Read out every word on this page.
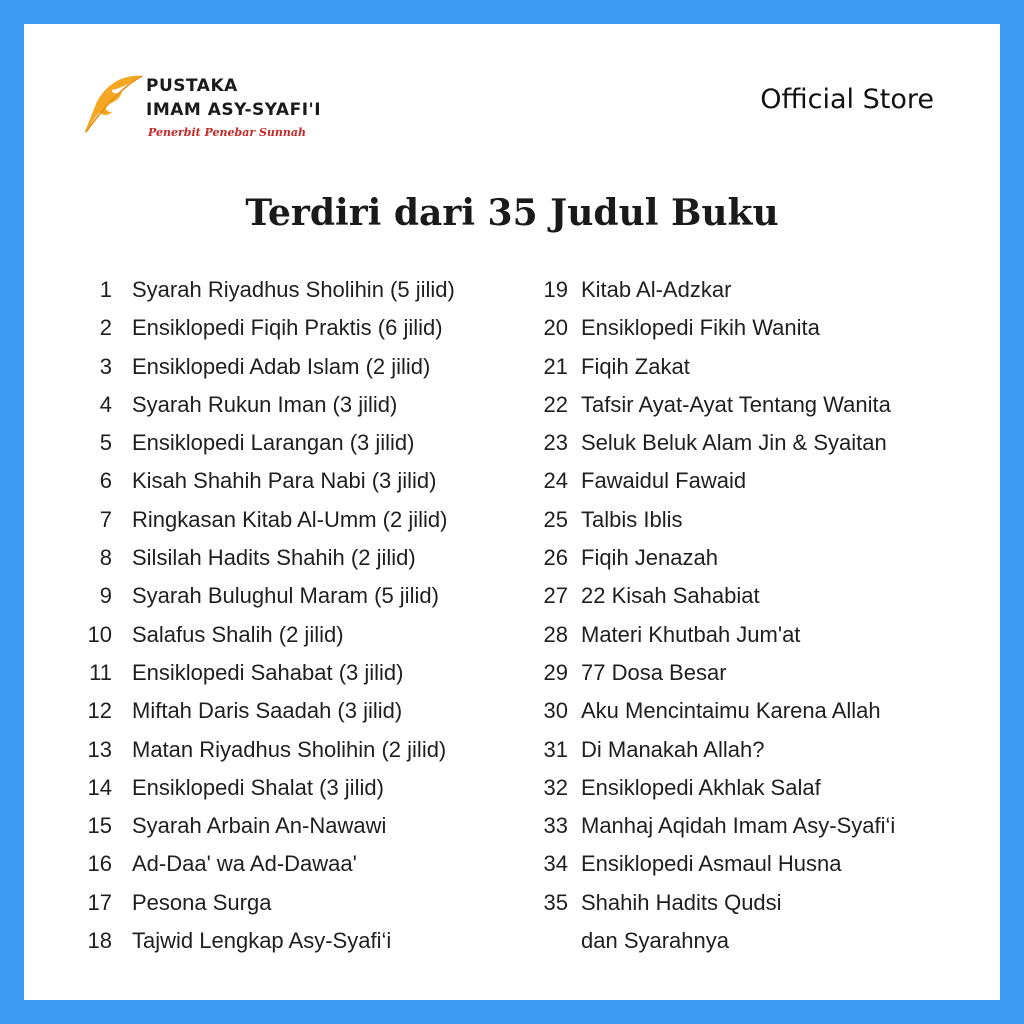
PUSTAKA
IMAM ASY-SYAFI'I
Penerbit Penebar Sunnah
Official Store
Terdiri dari 35 Judul Buku
1 Syarah Riyadhus Sholihin (5 jilid)
2 Ensiklopedi Fiqih Praktis (6 jilid)
3 Ensiklopedi Adab Islam (2 jilid)
4 Syarah Rukun Iman (3 jilid)
5 Ensiklopedi Larangan (3 jilid)
6 Kisah Shahih Para Nabi (3 jilid)
7 Ringkasan Kitab Al-Umm (2 jilid)
8 Silsilah Hadits Shahih (2 jilid)
9 Syarah Bulughul Maram (5 jilid)
10 Salafus Shalih (2 jilid)
11 Ensiklopedi Sahabat (3 jilid)
12 Miftah Daris Saadah (3 jilid)
13 Matan Riyadhus Sholihin (2 jilid)
14 Ensiklopedi Shalat (3 jilid)
15 Syarah Arbain An-Nawawi
16 Ad-Daa' wa Ad-Dawaa'
17 Pesona Surga
18 Tajwid Lengkap Asy-Syafi‘i
19 Kitab Al-Adzkar
20 Ensiklopedi Fikih Wanita
21 Fiqih Zakat
22 Tafsir Ayat-Ayat Tentang Wanita
23 Seluk Beluk Alam Jin & Syaitan
24 Fawaidul Fawaid
25 Talbis Iblis
26 Fiqih Jenazah
27 22 Kisah Sahabiat
28 Materi Khutbah Jum'at
29 77 Dosa Besar
30 Aku Mencintaimu Karena Allah
31 Di Manakah Allah?
32 Ensiklopedi Akhlak Salaf
33 Manhaj Aqidah Imam Asy-Syafi‘i
34 Ensiklopedi Asmaul Husna
35 Shahih Hadits Qudsi
dan Syarahnya
